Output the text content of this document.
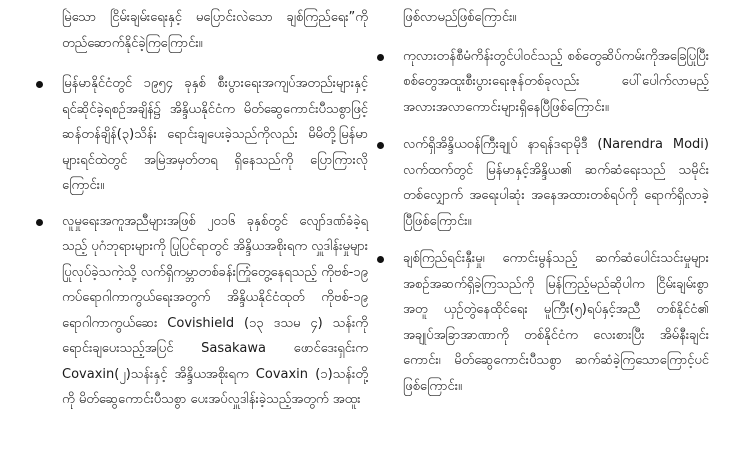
မြဲသော ငြိမ်းချမ်းရေးနှင့် မပြောင်းလဲသော ချစ်ကြည်ရေး”ကို တည်ဆောက်နိုင်ခဲ့ကြကြောင်း။

မြန်မာနိုင်ငံတွင် ၁၉၅၄ ခုနှစ် စီးပွားရေးအကျပ်အတည်းများနှင့် ရင်ဆိုင်ခဲ့ရစဉ်အချိန်၌ အိန္ဒိယနိုင်ငံက မိတ်ဆွေကောင်းပီသစွာဖြင့် ဆန်တန်ချိန်(၃)သိန်း ရောင်းချပေးခဲ့သည်ကိုလည်း မိမိတို့မြန်မာများရင်ထဲတွင် အမြဲအမှတ်တရ ရှိနေသည်ကို ပြောကြားလိုကြောင်း။
လူမှုရေးအကူအညီများအဖြစ် ၂၀၁၆ ခုနှစ်တွင် လျော်ဒဏ်ခံခဲ့ရသည့် ပုဂံဘုရားများကို ပြုပြင်ရာတွင် အိန္ဒိယအစိုးရက လှူဒါန်းမှုများ ပြုလုပ်ခဲ့သကဲ့သို့ လက်ရှိကမ္ဘာတစ်ခန်းကြုံတွေ့နေရသည့် ကိုဗစ်-၁၉ ကပ်ရောဂါကာကွယ်ရေးအတွက် အိန္ဒိယနိုင်ငံထုတ် ကိုဗစ်-၁၉ ရောဂါကာကွယ်ဆေး Covishield (၁၃ ဒသမ ၄) သန်းကို ရောင်းချပေးသည့်အပြင် Sasakawa ဖောင်ဒေးရှင်းက Covaxin(၂)သန်းနှင့် အိန္ဒိယအစိုးရက Covaxin (၁)သန်းတို့ကို မိတ်ဆွေကောင်းပီသစွာ ပေးအပ်လှူဒါန်းခဲ့သည့်အတွက် အထူး

ဖြစ်လာမည်ဖြစ်ကြောင်း။

ကုလားတန်စီမံကိန်းတွင်ပါဝင်သည့် စစ်တွေဆိပ်ကမ်းကိုအခြေပြုပြီး စစ်တွေအထူးစီးပွားရေးဇုန်တစ်ခုလည်း ပေါ်ပေါက်လာမည့် အလားအလာကောင်းများရှိနေပြီဖြစ်ကြောင်း။
လက်ရှိအိန္ဒိယဝန်ကြီးချုပ် နာရန်ဒရာမိုဒီ (Narendra Modi) လက်ထက်တွင် မြန်မာနှင့်အိန္ဒိယ၏ ဆက်ဆံရေးသည် သမိုင်းတစ်လျှောက် အရေးပါဆုံး အနေအထားတစ်ရပ်ကို ရောက်ရှိလာခဲ့ပြီဖြစ်ကြောင်း။
ချစ်ကြည်ရင်းနှီးမှု၊ ကောင်းမွန်သည့် ဆက်ဆံပေါင်းသင်းမှုများ အစဉ်အဆက်ရှိခဲ့ကြသည်ကို မြန်ကြည့်မည်ဆိုပါက ငြိမ်းချမ်းစွာအတူ ယှဉ်တွဲနေထိုင်ရေး မူကြီး(၅)ရပ်နှင့်အညီ တစ်နိုင်ငံ၏ အချုပ်အခြာအာဏာကို တစ်နိုင်ငံက လေးစားပြီး အိမ်နီးချင်းကောင်း၊ မိတ်ဆွေကောင်းပီသစွာ ဆက်ဆံခဲ့ကြသောကြောင့်ပင်ဖြစ်ကြောင်း။
